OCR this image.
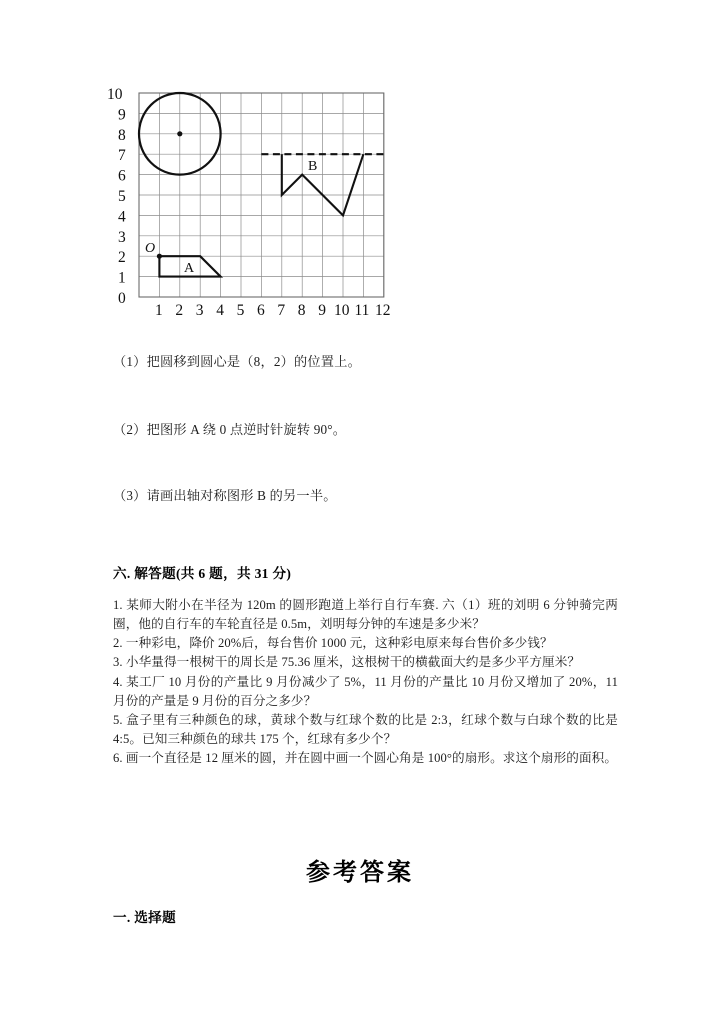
O
A
B
10
9
8
7
6
5
4
3
2
1
0
1 2 3 4 5 6 7 8 9 10 11 12
（1）把圆移到圆心是（8，2）的位置上。
（2）把图形 A 绕 0 点逆时针旋转 90°。
（3）请画出轴对称图形 B 的另一半。
六. 解答题(共 6 题，共 31 分)
1. 某师大附小在半径为 120m 的圆形跑道上举行自行车赛. 六（1）班的刘明 6 分钟骑完两圈，他的自行车的车轮直径是 0.5m，刘明每分钟的车速是多少米？
2. 一种彩电，降价 20%后，每台售价 1000 元，这种彩电原来每台售价多少钱？
3. 小华量得一根树干的周长是 75.36 厘米，这根树干的横截面大约是多少平方厘米？
4. 某工厂 10 月份的产量比 9 月份减少了 5%，11 月份的产量比 10 月份又增加了 20%，11 月份的产量是 9 月份的百分之多少？
5. 盒子里有三种颜色的球，黄球个数与红球个数的比是 2:3，红球个数与白球个数的比是 4:5。已知三种颜色的球共 175 个，红球有多少个？
6. 画一个直径是 12 厘米的圆，并在圆中画一个圆心角是 100°的扇形。求这个扇形的面积。
参考答案
一. 选择题
